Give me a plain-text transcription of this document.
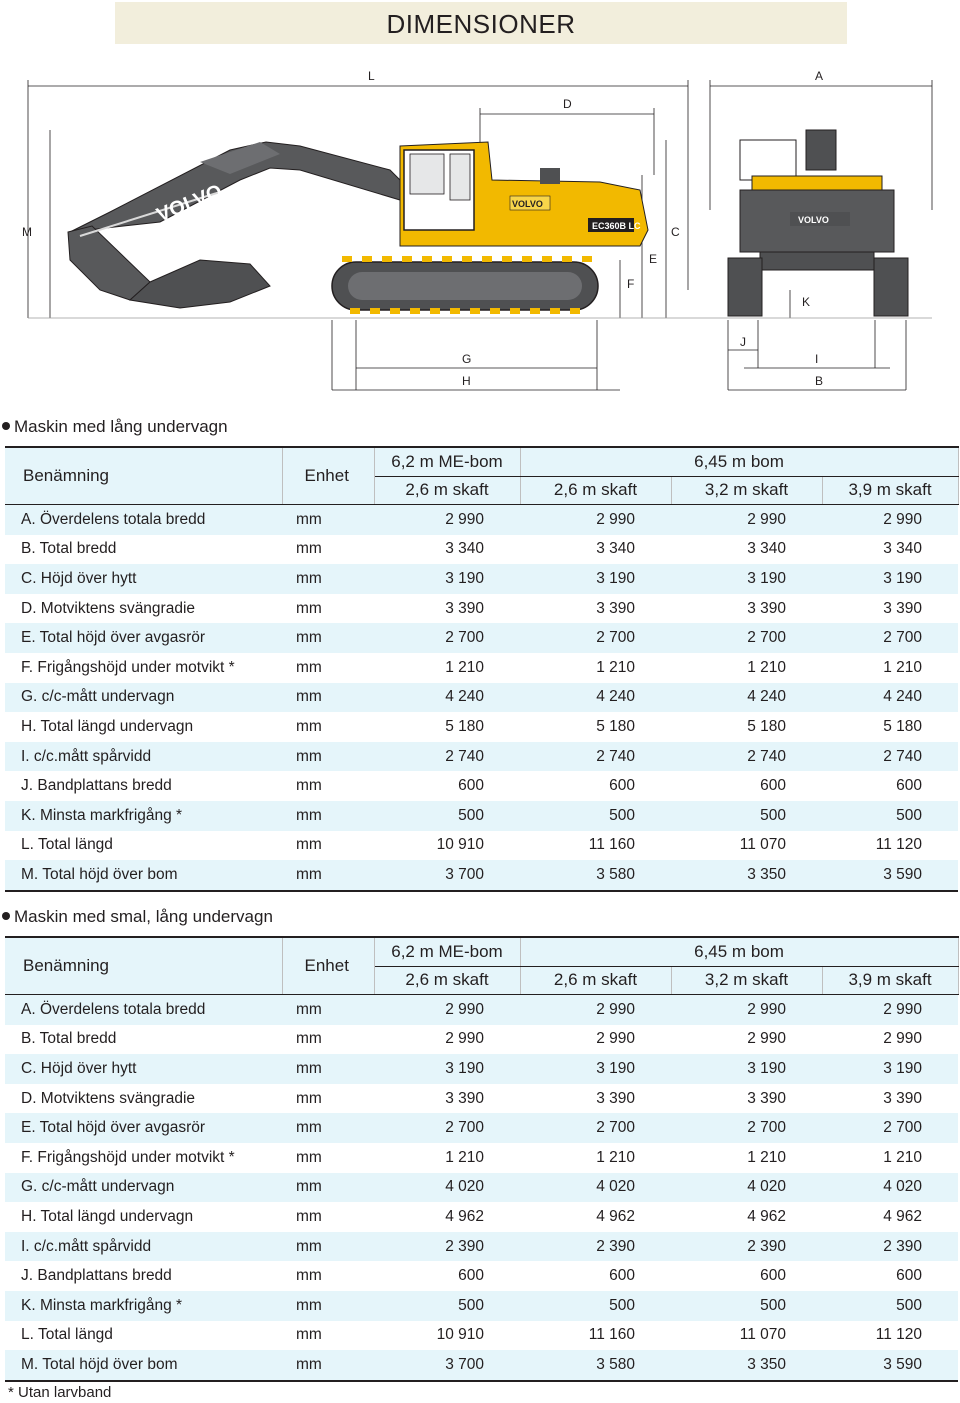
DIMENSIONER
L	A
D
M	C
E
F
K
J
G	I
H	B
VOLVO	VOLVO
EC360B LC
VOLVO
Maskin med lång undervagn
Benämning	Enhet	6,2 m ME-bom	6,45 m bom		
		2,6 m skaft	2,6 m skaft	3,2 m skaft	3,9 m skaft
A. Överdelens totala bredd	mm	2 990	2 990	2 990	2 990
B. Total bredd	mm	3 340	3 340	3 340	3 340
C. Höjd över hytt	mm	3 190	3 190	3 190	3 190
D. Motviktens svängradie	mm	3 390	3 390	3 390	3 390
E. Total höjd över avgasrör	mm	2 700	2 700	2 700	2 700
F. Frigångshöjd under motvikt *	mm	1 210	1 210	1 210	1 210
G. c/c-mått undervagn	mm	4 240	4 240	4 240	4 240
H. Total längd undervagn	mm	5 180	5 180	5 180	5 180
I. c/c.mått spårvidd	mm	2 740	2 740	2 740	2 740
J. Bandplattans bredd	mm	600	600	600	600
K. Minsta markfrigång *	mm	500	500	500	500
L. Total längd	mm	10 910	11 160	11 070	11 120
M. Total höjd över bom	mm	3 700	3 580	3 350	3 590
Maskin med smal, lång undervagn
Benämning	Enhet	6,2 m ME-bom	6,45 m bom		
		2,6 m skaft	2,6 m skaft	3,2 m skaft	3,9 m skaft
A. Överdelens totala bredd	mm	2 990	2 990	2 990	2 990
B. Total bredd	mm	2 990	2 990	2 990	2 990
C. Höjd över hytt	mm	3 190	3 190	3 190	3 190
D. Motviktens svängradie	mm	3 390	3 390	3 390	3 390
E. Total höjd över avgasrör	mm	2 700	2 700	2 700	2 700
F. Frigångshöjd under motvikt *	mm	1 210	1 210	1 210	1 210
G. c/c-mått undervagn	mm	4 020	4 020	4 020	4 020
H. Total längd undervagn	mm	4 962	4 962	4 962	4 962
I. c/c.mått spårvidd	mm	2 390	2 390	2 390	2 390
J. Bandplattans bredd	mm	600	600	600	600
K. Minsta markfrigång *	mm	500	500	500	500
L. Total längd	mm	10 910	11 160	11 070	11 120
M. Total höjd över bom	mm	3 700	3 580	3 350	3 590
* Utan larvband
